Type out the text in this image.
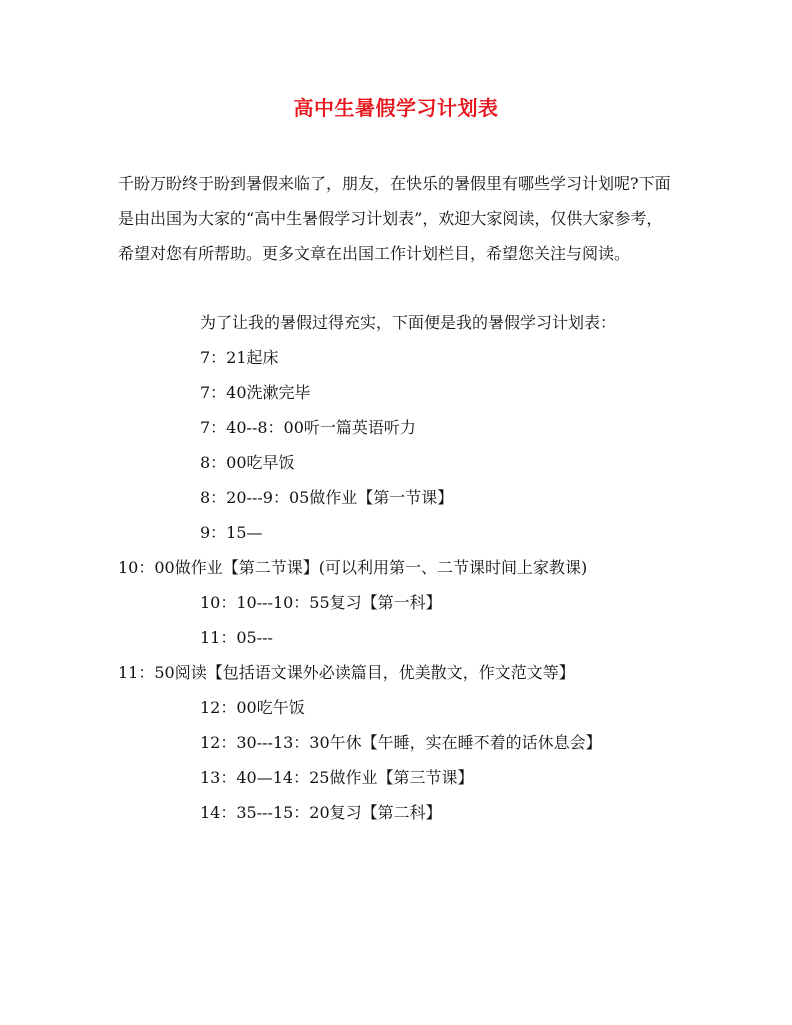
高中生暑假学习计划表

千盼万盼终于盼到暑假来临了，朋友，在快乐的暑假里有哪些学习计划呢?下面是由出国为大家的“高中生暑假学习计划表”，欢迎大家阅读，仅供大家参考，希望对您有所帮助。更多文章在出国工作计划栏目，希望您关注与阅读。

为了让我的暑假过得充实，下面便是我的暑假学习计划表：

7：21起床

7：40洗漱完毕

7：40--8：00听一篇英语听力

8：00吃早饭

8：20---9：05做作业【第一节课】

9：15—

10：00做作业【第二节课】(可以利用第一、二节课时间上家教课)

10：10---10：55复习【第一科】

11：05---

11：50阅读【包括语文课外必读篇目，优美散文，作文范文等】

12：00吃午饭

12：30---13：30午休【午睡，实在睡不着的话休息会】

13：40—14：25做作业【第三节课】

14：35---15：20复习【第二科】
